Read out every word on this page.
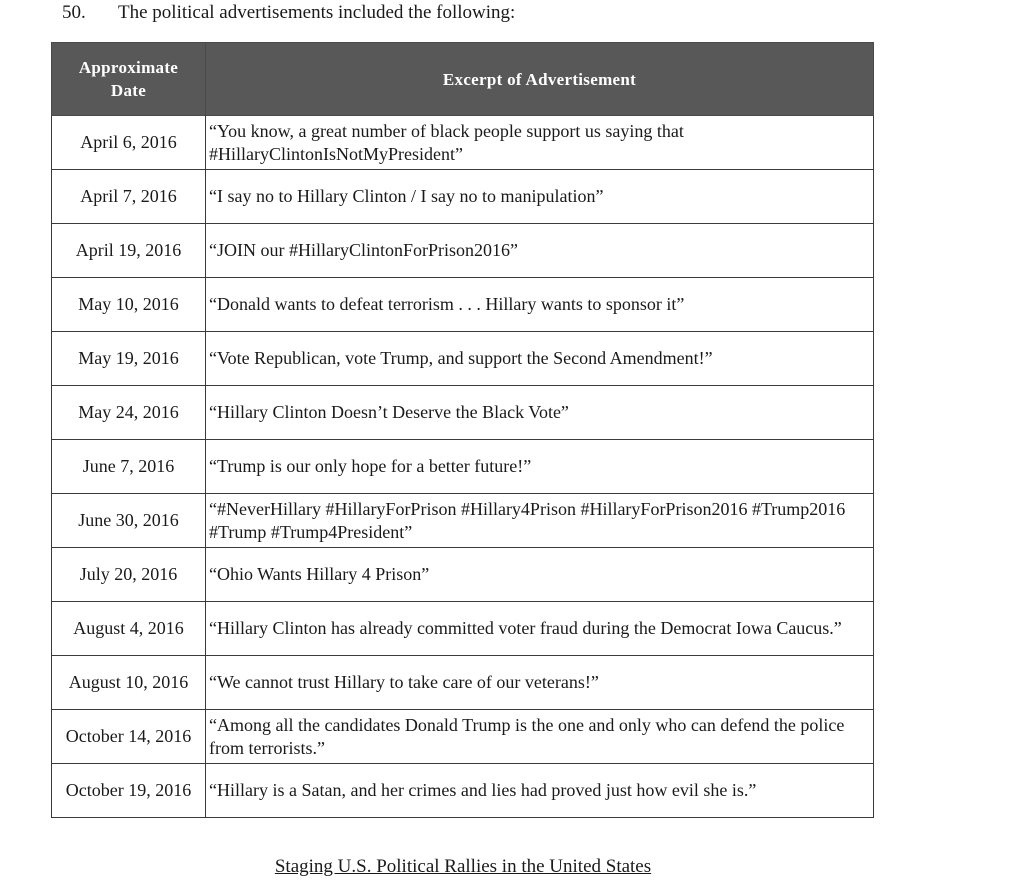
50. The political advertisements included the following:
Approximate
Date	Excerpt of Advertisement
April 6, 2016	“You know, a great number of black people support us saying that #HillaryClintonIsNotMyPresident”
April 7, 2016	“I say no to Hillary Clinton / I say no to manipulation”
April 19, 2016	“JOIN our #HillaryClintonForPrison2016”
May 10, 2016	“Donald wants to defeat terrorism . . . Hillary wants to sponsor it”
May 19, 2016	“Vote Republican, vote Trump, and support the Second Amendment!”
May 24, 2016	“Hillary Clinton Doesn’t Deserve the Black Vote”
June 7, 2016	“Trump is our only hope for a better future!”
June 30, 2016	“#NeverHillary #HillaryForPrison #Hillary4Prison #HillaryForPrison2016 #Trump2016 #Trump #Trump4President”
July 20, 2016	“Ohio Wants Hillary 4 Prison”
August 4, 2016	“Hillary Clinton has already committed voter fraud during the Democrat Iowa Caucus.”
August 10, 2016	“We cannot trust Hillary to take care of our veterans!”
October 14, 2016	“Among all the candidates Donald Trump is the one and only who can defend the police from terrorists.”
October 19, 2016	“Hillary is a Satan, and her crimes and lies had proved just how evil she is.”
Staging U.S. Political Rallies in the United States
